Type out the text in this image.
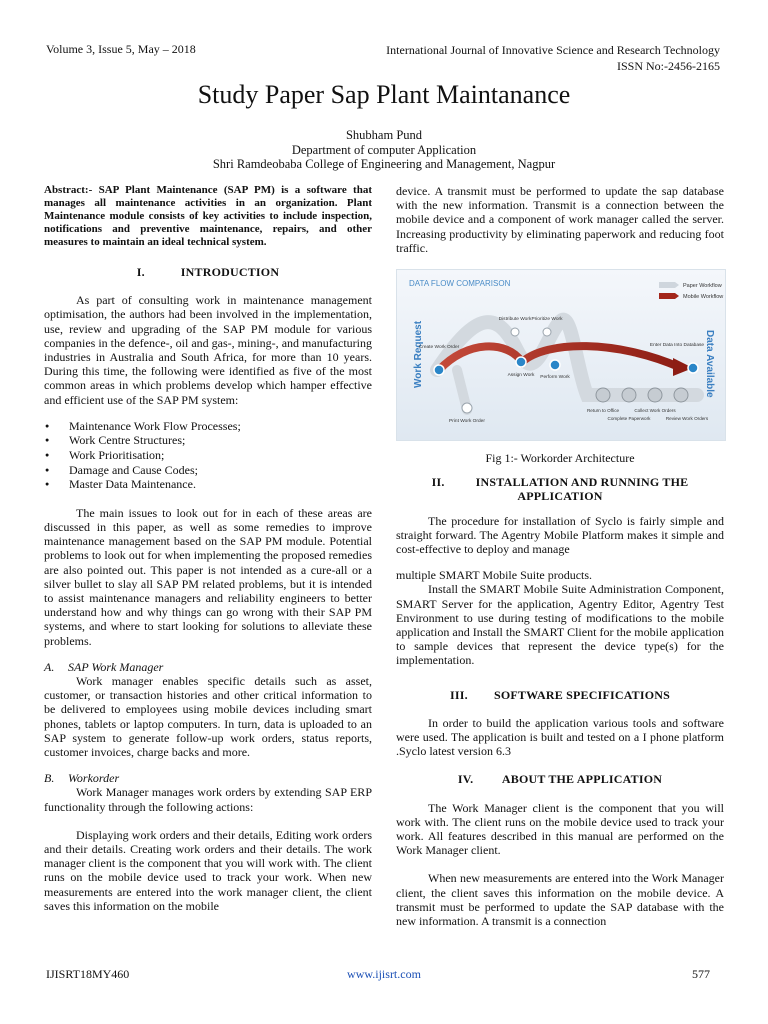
Volume 3, Issue 5, May – 2018	International Journal of Innovative Science and Research Technology
ISSN No:-2456-2165
Study Paper Sap Plant Maintanance
Shubham Pund
Department of computer Application
Shri Ramdeobaba College of Engineering and Management, Nagpur

Abstract:- SAP Plant Maintenance (SAP PM) is a software that manages all maintenance activities in an organization. Plant Maintenance module consists of key activities to include inspection, notifications and preventive maintenance, repairs, and other measures to maintain an ideal technical system.

I.	INTRODUCTION

As part of consulting work in maintenance management optimisation, the authors had been involved in the implementation, use, review and upgrading of the SAP PM module for various companies in the defence-, oil and gas-, mining-, and manufacturing industries in Australia and South Africa, for more than 10 years. During this time, the following were identified as five of the most common areas in which problems develop which hamper effective and efficient use of the SAP PM system:

● Maintenance Work Flow Processes;
● Work Centre Structures;
● Work Prioritisation;
● Damage and Cause Codes;
● Master Data Maintenance.

The main issues to look out for in each of these areas are discussed in this paper, as well as some remedies to improve maintenance management based on the SAP PM module. Potential problems to look out for when implementing the proposed remedies are also pointed out. This paper is not intended as a cure-all or a silver bullet to slay all SAP PM related problems, but it is intended to assist maintenance managers and reliability engineers to better understand how and why things can go wrong with their SAP PM systems, and where to start looking for solutions to alleviate these problems.

A. SAP Work Manager

Work manager enables specific details such as asset, customer, or transaction histories and other critical information to be delivered to employees using mobile devices including smart phones, tablets or laptop computers. In turn, data is uploaded to an SAP system to generate follow-up work orders, status reports, customer invoices, charge backs and more.

B. Workorder

Work Manager manages work orders by extending SAP ERP functionality through the following actions:

Displaying work orders and their details, Editing work orders and their details. Creating work orders and their details. The work manager client is the component that you will work with. The client runs on the mobile device used to track your work. When new measurements are entered into the work manager client, the client saves this information on the mobile

device. A transmit must be performed to update the sap database with the new information. Transmit is a connection between the mobile device and a component of work manager called the server. Increasing productivity by eliminating paperwork and reducing foot traffic.

DATA FLOW COMPARISON	Paper Workflow
Mobile Workflow
Work Request	Data Available
Create Work Order
Distribute Work Prioritize Work
Assign Work Perform Work
Enter Data Into Database
Print Work Order
Return to Office
Complete Paperwork
Collect Work Orders
Review Work Orders
Fig 1:- Workorder Architecture
II.	INSTALLATION AND RUNNING THE
APPLICATION

The procedure for installation of Syclo is fairly simple and straight forward. The Agentry Mobile Platform makes it simple and cost-effective to deploy and manage

multiple SMART Mobile Suite products.

Install the SMART Mobile Suite Administration Component, SMART Server for the application, Agentry Editor, Agentry Test Environment to use during testing of modifications to the mobile application and Install the SMART Client for the mobile application to sample devices that represent the device type(s) for the implementation.

III. SOFTWARE SPECIFICATIONS

In order to build the application various tools and software were used. The application is built and tested on a I phone platform .Syclo latest version 6.3

IV. ABOUT THE APPLICATION

The Work Manager client is the component that you will work with. The client runs on the mobile device used to track your work. All features described in this manual are performed on the Work Manager client.

When new measurements are entered into the Work Manager client, the client saves this information on the mobile device. A transmit must be performed to update the SAP database with the new information. A transmit is a connection

IJISRT18MY460	www.ijisrt.com	577
